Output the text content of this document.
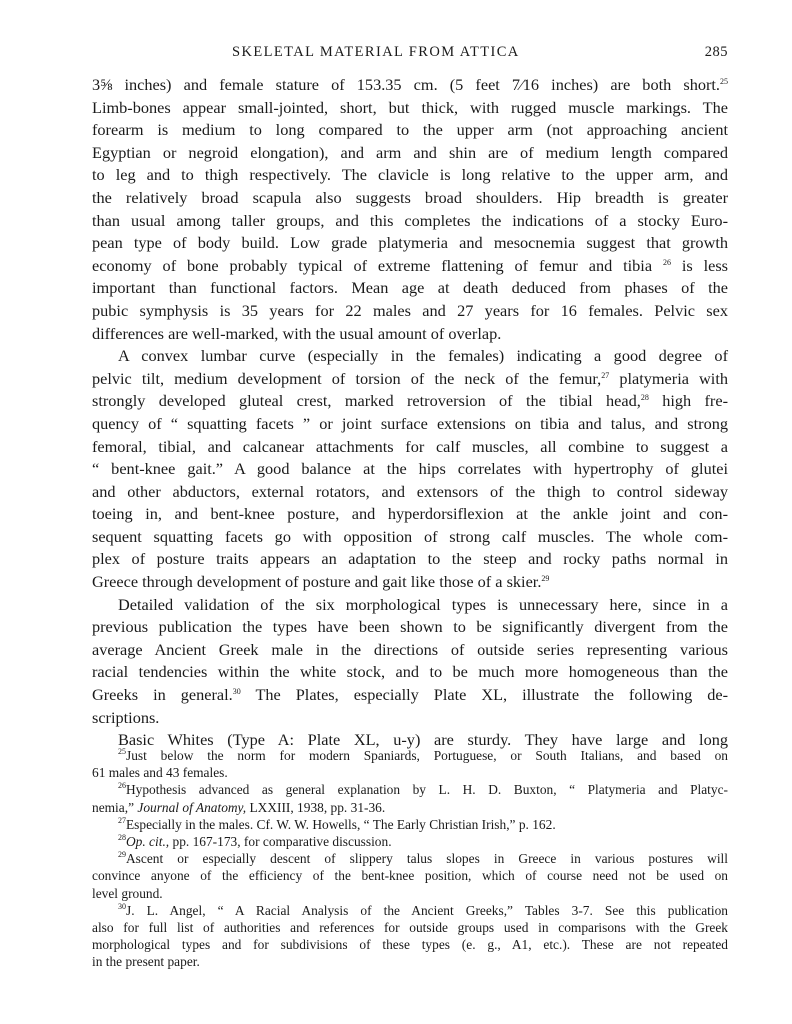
SKELETAL MATERIAL FROM ATTICA	285
3⅝ inches) and female stature of 153.35 cm. (5 feet 7⁄16 inches) are both short.$^{25}$
Limb-bones appear small-jointed, short, but thick, with rugged muscle markings. The
forearm is medium to long compared to the upper arm (not approaching ancient
Egyptian or negroid elongation), and arm and shin are of medium length compared
to leg and to thigh respectively. The clavicle is long relative to the upper arm, and
the relatively broad scapula also suggests broad shoulders. Hip breadth is greater
than usual among taller groups, and this completes the indications of a stocky Euro-
pean type of body build. Low grade platymeria and mesocnemia suggest that growth
economy of bone probably typical of extreme flattening of femur and tibia $^{26}$ is less
important than functional factors. Mean age at death deduced from phases of the
pubic symphysis is 35 years for 22 males and 27 years for 16 females. Pelvic sex
differences are well-marked, with the usual amount of overlap.
A convex lumbar curve (especially in the females) indicating a good degree of
pelvic tilt, medium development of torsion of the neck of the femur,$^{27}$ platymeria with
strongly developed gluteal crest, marked retroversion of the tibial head,$^{28}$ high fre-
quency of “ squatting facets ” or joint surface extensions on tibia and talus, and strong
femoral, tibial, and calcanear attachments for calf muscles, all combine to suggest a
“ bent-knee gait.” A good balance at the hips correlates with hypertrophy of glutei
and other abductors, external rotators, and extensors of the thigh to control sideway
toeing in, and bent-knee posture, and hyperdorsiflexion at the ankle joint and con-
sequent squatting facets go with opposition of strong calf muscles. The whole com-
plex of posture traits appears an adaptation to the steep and rocky paths normal in
Greece through development of posture and gait like those of a skier.$^{29}$
Detailed validation of the six morphological types is unnecessary here, since in a
previous publication the types have been shown to be significantly divergent from the
average Ancient Greek male in the directions of outside series representing various
racial tendencies within the white stock, and to be much more homogeneous than the
Greeks in general.$^{30}$ The Plates, especially Plate XL, illustrate the following de-
scriptions.
Basic Whites (Type A: Plate XL, u-y) are sturdy. They have large and long
$^{25}$Just below the norm for modern Spaniards, Portuguese, or South Italians, and based on
61 males and 43 females.
$^{26}$Hypothesis advanced as general explanation by L. H. D. Buxton, “ Platymeria and Platyc-
nemia,” Journal of Anatomy, LXXIII, 1938, pp. 31-36.
$^{27}$Especially in the males. Cf. W. W. Howells, “ The Early Christian Irish,” p. 162.
$^{28}$Op. cit., pp. 167-173, for comparative discussion.
$^{29}$Ascent or especially descent of slippery talus slopes in Greece in various postures will
convince anyone of the efficiency of the bent-knee position, which of course need not be used on
level ground.
$^{30}$J. L. Angel, “ A Racial Analysis of the Ancient Greeks,” Tables 3-7. See this publication
also for full list of authorities and references for outside groups used in comparisons with the Greek
morphological types and for subdivisions of these types (e. g., A1, etc.). These are not repeated
in the present paper.
